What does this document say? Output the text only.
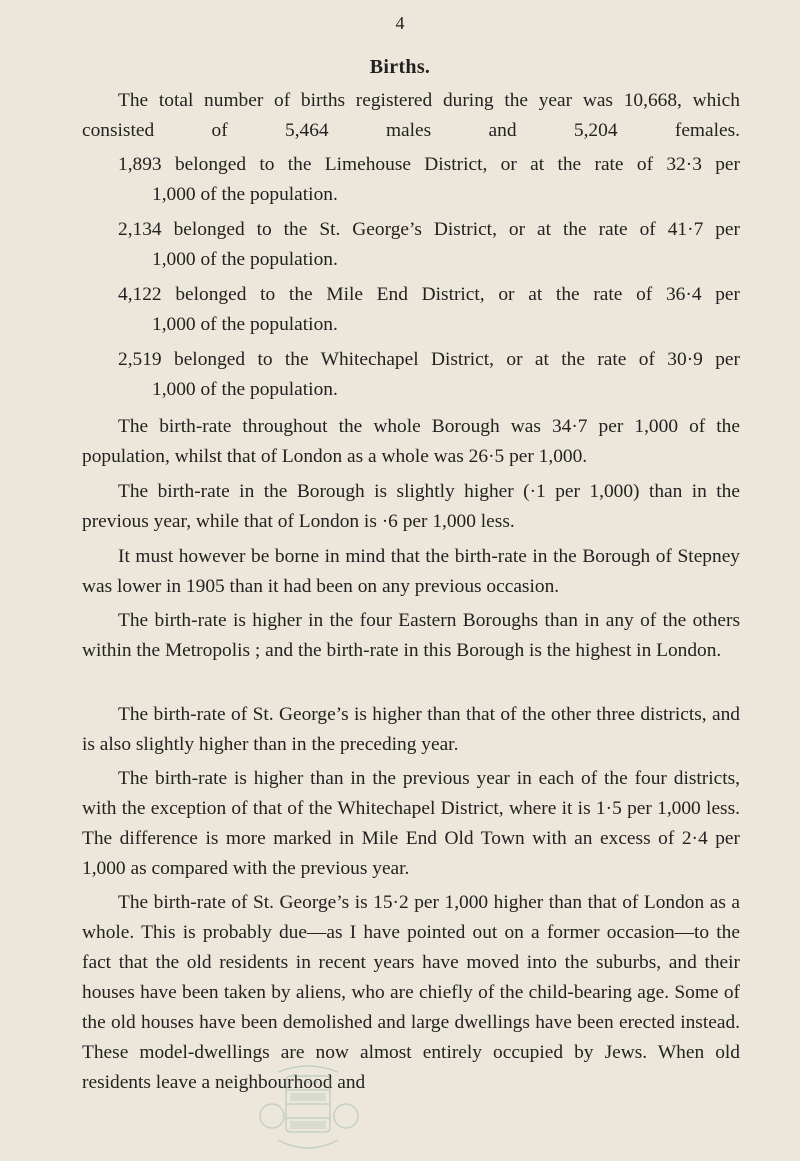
4
Births.

The total number of births registered during the year was 10,668, which consisted of 5,464 males and 5,204 females.

1,893 belonged to the Limehouse District, or at the rate of 32·3 per
1,000 of the population.
2,134 belonged to the St. George’s District, or at the rate of 41·7 per
1,000 of the population.
4,122 belonged to the Mile End District, or at the rate of 36·4 per
1,000 of the population.
2,519 belonged to the Whitechapel District, or at the rate of 30·9 per
1,000 of the population.

The birth-rate throughout the whole Borough was 34·7 per 1,000 of the population, whilst that of London as a whole was 26·5 per 1,000.

The birth-rate in the Borough is slightly higher (·1 per 1,000) than in the previous year, while that of London is ·6 per 1,000 less.

It must however be borne in mind that the birth-rate in the Borough of Stepney was lower in 1905 than it had been on any previous occasion.

The birth-rate is higher in the four Eastern Boroughs than in any of the others within the Metropolis ; and the birth-rate in this Borough is the highest in London.

The birth-rate of St. George’s is higher than that of the other three districts, and is also slightly higher than in the preceding year.

The birth-rate is higher than in the previous year in each of the four districts, with the exception of that of the Whitechapel District, where it is 1·5 per 1,000 less. The difference is more marked in Mile End Old Town with an excess of 2·4 per 1,000 as compared with the previous year.

The birth-rate of St. George’s is 15·2 per 1,000 higher than that of London as a whole. This is probably due—as I have pointed out on a former occasion—to the fact that the old residents in recent years have moved into the suburbs, and their houses have been taken by aliens, who are chiefly of the child-bearing age. Some of the old houses have been demolished and large dwellings have been erected instead. These model-dwellings are now almost entirely occupied by Jews. When old residents leave a neighbourhood and
